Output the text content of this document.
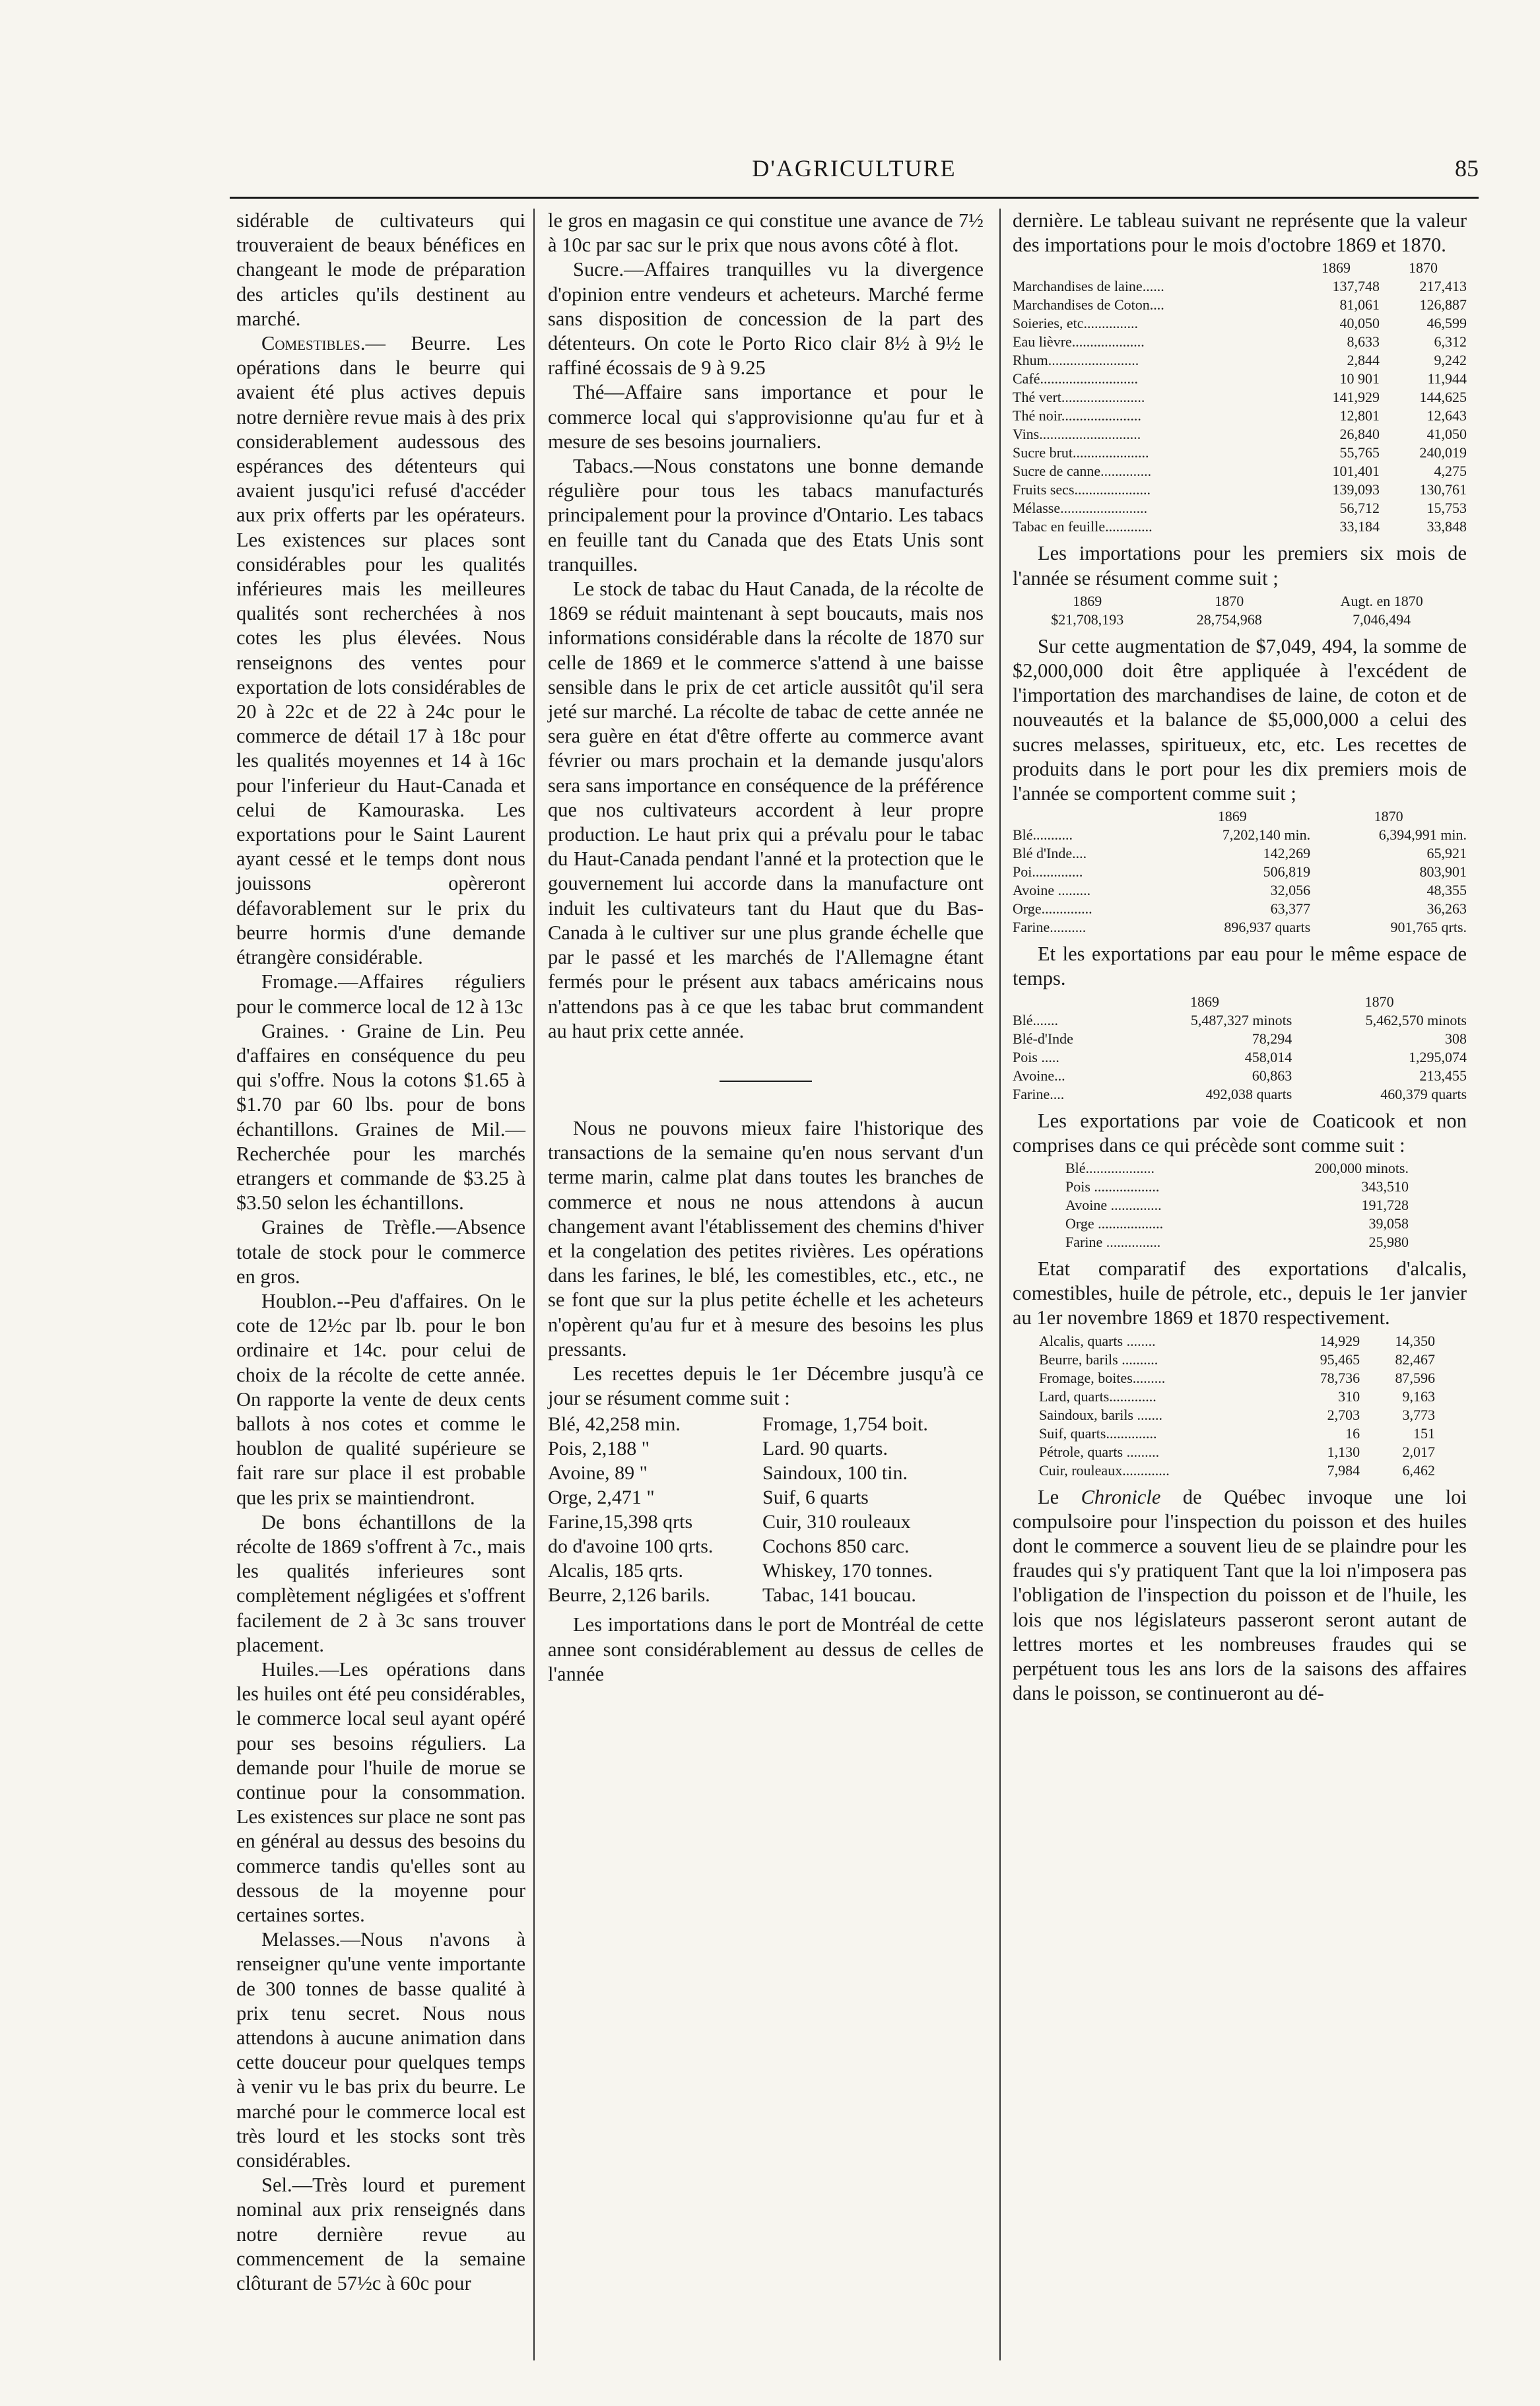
D'AGRICULTURE	85

sidérable de cultivateurs qui trouveraient de beaux bénéfices en changeant le mode de préparation des articles qu'ils destinent au marché.

Comestibles.— Beurre. Les opérations dans le beurre qui avaient été plus actives depuis notre dernière revue mais à des prix considerablement audessous des espérances des détenteurs qui avaient jusqu'ici refusé d'accéder aux prix offerts par les opérateurs. Les existences sur places sont considérables pour les qualités inférieures mais les meilleures qualités sont recherchées à nos cotes les plus élevées. Nous renseignons des ventes pour exportation de lots considérables de 20 à 22c et de 22 à 24c pour le commerce de détail 17 à 18c pour les qualités moyennes et 14 à 16c pour l'inferieur du Haut-Canada et celui de Kamouraska. Les exportations pour le Saint Laurent ayant cessé et le temps dont nous jouissons opèreront défavorablement sur le prix du beurre hormis d'une demande étrangère considérable.

Fromage.—Affaires réguliers pour le commerce local de 12 à 13c

Graines. · Graine de Lin. Peu d'affaires en conséquence du peu qui s'offre. Nous la cotons $1.65 à $1.70 par 60 lbs. pour de bons échantillons. Graines de Mil.— Recherchée pour les marchés etrangers et commande de $3.25 à $3.50 selon les échantillons.

Graines de Trèfle.—Absence totale de stock pour le commerce en gros.

Houblon.--Peu d'affaires. On le cote de 12½c par lb. pour le bon ordinaire et 14c. pour celui de choix de la récolte de cette année. On rapporte la vente de deux cents ballots à nos cotes et comme le houblon de qualité supérieure se fait rare sur place il est probable que les prix se maintiendront.

De bons échantillons de la récolte de 1869 s'offrent à 7c., mais les qualités inferieures sont complètement négligées et s'offrent facilement de 2 à 3c sans trouver placement.

Huiles.—Les opérations dans les huiles ont été peu considérables, le commerce local seul ayant opéré pour ses besoins réguliers. La demande pour l'huile de morue se continue pour la consommation. Les existences sur place ne sont pas en général au dessus des besoins du commerce tandis qu'elles sont au dessous de la moyenne pour certaines sortes.

Melasses.—Nous n'avons à renseigner qu'une vente importante de 300 tonnes de basse qualité à prix tenu secret. Nous nous attendons à aucune animation dans cette douceur pour quelques temps à venir vu le bas prix du beurre. Le marché pour le commerce local est très lourd et les stocks sont très considérables.

Sel.—Très lourd et purement nominal aux prix renseignés dans notre dernière revue au commencement de la semaine clôturant de 57½c à 60c pour

le gros en magasin ce qui constitue une avance de 7½ à 10c par sac sur le prix que nous avons côté à flot.

Sucre.—Affaires tranquilles vu la divergence d'opinion entre vendeurs et acheteurs. Marché ferme sans disposition de concession de la part des détenteurs. On cote le Porto Rico clair 8½ à 9½ le raffiné écossais de 9 à 9.25

Thé—Affaire sans importance et pour le commerce local qui s'approvisionne qu'au fur et à mesure de ses besoins journaliers.

Tabacs.—Nous constatons une bonne demande régulière pour tous les tabacs manufacturés principalement pour la province d'Ontario. Les tabacs en feuille tant du Canada que des Etats Unis sont tranquilles.

Le stock de tabac du Haut Canada, de la récolte de 1869 se réduit maintenant à sept boucauts, mais nos informations considérable dans la récolte de 1870 sur celle de 1869 et le commerce s'attend à une baisse sensible dans le prix de cet article aussitôt qu'il sera jeté sur marché. La récolte de tabac de cette année ne sera guère en état d'être offerte au commerce avant février ou mars prochain et la demande jusqu'alors sera sans importance en conséquence de la préférence que nos cultivateurs accordent à leur propre production. Le haut prix qui a prévalu pour le tabac du Haut-Canada pendant l'anné et la protection que le gouvernement lui accorde dans la manufacture ont induit les cultivateurs tant du Haut que du Bas-Canada à le cultiver sur une plus grande échelle que par le passé et les marchés de l'Allemagne étant fermés pour le présent aux tabacs américains nous n'attendons pas à ce que les tabac brut commandent au haut prix cette année.

Nous ne pouvons mieux faire l'historique des transactions de la semaine qu'en nous servant d'un terme marin, calme plat dans toutes les branches de commerce et nous ne nous attendons à aucun changement avant l'établissement des chemins d'hiver et la congelation des petites rivières. Les opérations dans les farines, le blé, les comestibles, etc., etc., ne se font que sur la plus petite échelle et les acheteurs n'opèrent qu'au fur et à mesure des besoins les plus pressants.

Les recettes depuis le 1er Décembre jusqu'à ce jour se résument comme suit :

Blé, 42,258 min.	Fromage, 1,754 boit.
Pois, 2,188 "	Lard. 90 quarts.
Avoine, 89 "	Saindoux, 100 tin.
Orge, 2,471 "	Suif, 6 quarts
Farine,15,398 qrts	Cuir, 310 rouleaux
do d'avoine 100 qrts.	Cochons 850 carc.
Alcalis, 185 qrts.	Whiskey, 170 tonnes.
Beurre, 2,126 barils.	Tabac, 141 boucau.

Les importations dans le port de Montréal de cette annee sont considérablement au dessus de celles de l'année

dernière. Le tableau suivant ne représente que la valeur des importations pour le mois d'octobre 1869 et 1870.

	1869	1870
Marchandises de laine......	137,748	217,413
Marchandises de Coton....	81,061	126,887
Soieries, etc...............	40,050	46,599
Eau lièvre....................	8,633	6,312
Rhum.........................	2,844	9,242
Café...........................	10 901	11,944
Thé vert.......................	141,929	144,625
Thé noir......................	12,801	12,643
Vins............................	26,840	41,050
Sucre brut.....................	55,765	240,019
Sucre de canne..............	101,401	4,275
Fruits secs.....................	139,093	130,761
Mélasse........................	56,712	15,753
Tabac en feuille.............	33,184	33,848

Les importations pour les premiers six mois de l'année se résument comme suit ;

1869	1870	Augt. en 1870
$21,708,193	28,754,968	7,046,494

Sur cette augmentation de $7,049, 494, la somme de $2,000,000 doit être appliquée à l'excédent de l'importation des marchandises de laine, de coton et de nouveautés et la balance de $5,000,000 a celui des sucres melasses, spiritueux, etc, etc. Les recettes de produits dans le port pour les dix premiers mois de l'année se comportent comme suit ;

	1869	1870
Blé...........	7,202,140 min.	6,394,991 min.
Blé d'Inde....	142,269	65,921
Poi..............	506,819	803,901
Avoine .........	32,056	48,355
Orge..............	63,377	36,263
Farine..........	896,937 quarts	901,765 qrts.

Et les exportations par eau pour le même espace de temps.

	1869	1870
Blé.......	5,487,327 minots	5,462,570 minots
Blé-d'Inde	78,294	308
Pois .....	458,014	1,295,074
Avoine...	60,863	213,455
Farine....	492,038 quarts	460,379 quarts

Les exportations par voie de Coaticook et non comprises dans ce qui précède sont comme suit :

Blé...................	200,000 minots.
Pois ..................	343,510
Avoine ..............	191,728
Orge ..................	39,058
Farine ...............	25,980

Etat comparatif des exportations d'alcalis, comestibles, huile de pétrole, etc., depuis le 1er janvier au 1er novembre 1869 et 1870 respectivement.

Alcalis, quarts ........	14,929	14,350
Beurre, barils ..........	95,465	82,467
Fromage, boites.........	78,736	87,596
Lard, quarts.............	310	9,163
Saindoux, barils .......	2,703	3,773
Suif, quarts..............	16	151
Pétrole, quarts .........	1,130	2,017
Cuir, rouleaux.............	7,984	6,462

Le Chronicle de Québec invoque une loi compulsoire pour l'inspection du poisson et des huiles dont le commerce a souvent lieu de se plaindre pour les fraudes qui s'y pratiquent Tant que la loi n'imposera pas l'obligation de l'inspection du poisson et de l'huile, les lois que nos législateurs passeront seront autant de lettres mortes et les nombreuses fraudes qui se perpétuent tous les ans lors de la saisons des affaires dans le poisson, se continueront au dé-
